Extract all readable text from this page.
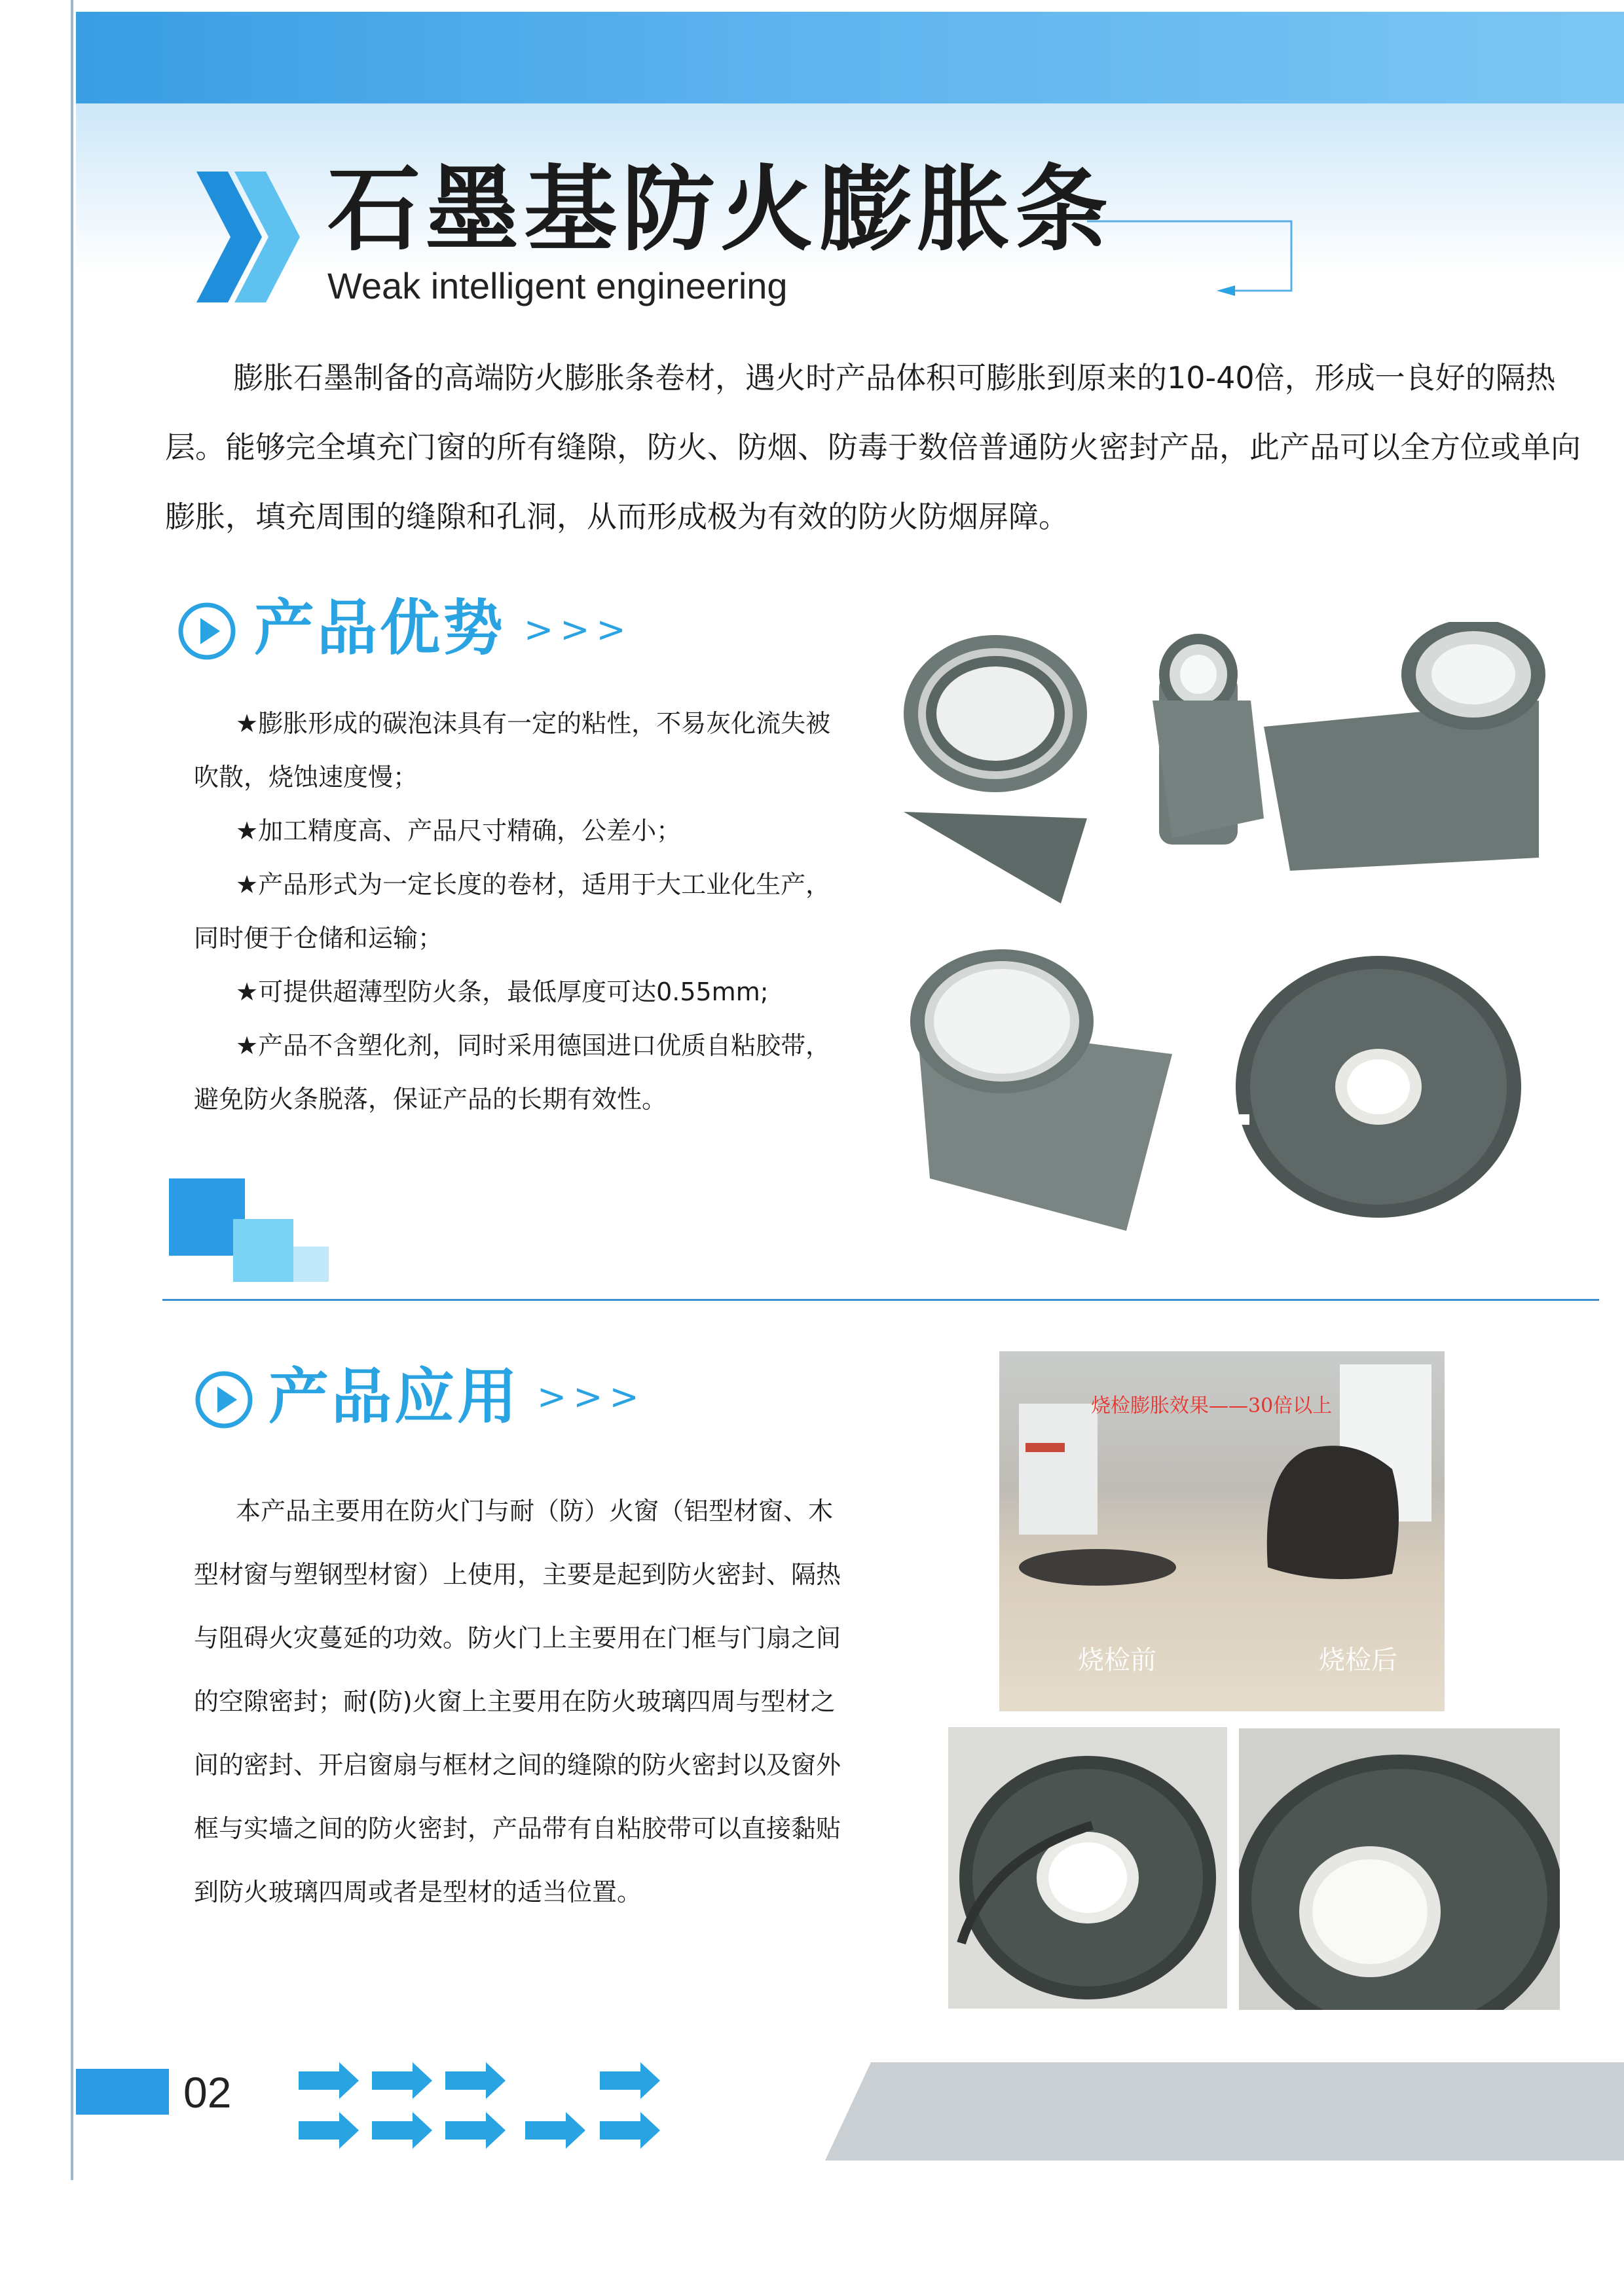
石墨基防火膨胀条
Weak intelligent engineering

膨胀石墨制备的高端防火膨胀条卷材，遇火时产品体积可膨胀到原来的10-40倍，形成一良好的隔热层。能够完全填充门窗的所有缝隙，防火、防烟、防毒于数倍普通防火密封产品，此产品可以全方位或单向膨胀，填充周围的缝隙和孔洞，从而形成极为有效的防火防烟屏障。

产品优势 >>>
★膨胀形成的碳泡沫具有一定的粘性，不易灰化流失被吹散，烧蚀速度慢；
★加工精度高、产品尺寸精确，公差小；
★产品形式为一定长度的卷材，适用于大工业化生产，同时便于仓储和运输；
★可提供超薄型防火条，最低厚度可达0.55mm;
★产品不含塑化剂，同时采用德国进口优质自粘胶带，避免防火条脱落，保证产品的长期有效性。
产品应用 >>>

本产品主要用在防火门与耐（防）火窗（铝型材窗、木型材窗与塑钢型材窗）上使用，主要是起到防火密封、隔热与阻碍火灾蔓延的功效。防火门上主要用在门框与门扇之间的空隙密封；耐(防)火窗上主要用在防火玻璃四周与型材之间的密封、开启窗扇与框材之间的缝隙的防火密封以及窗外框与实墙之间的防火密封，产品带有自粘胶带可以直接黏贴到防火玻璃四周或者是型材的适当位置。

烧检膨胀效果——30倍以上
烧检前	烧检后
02
